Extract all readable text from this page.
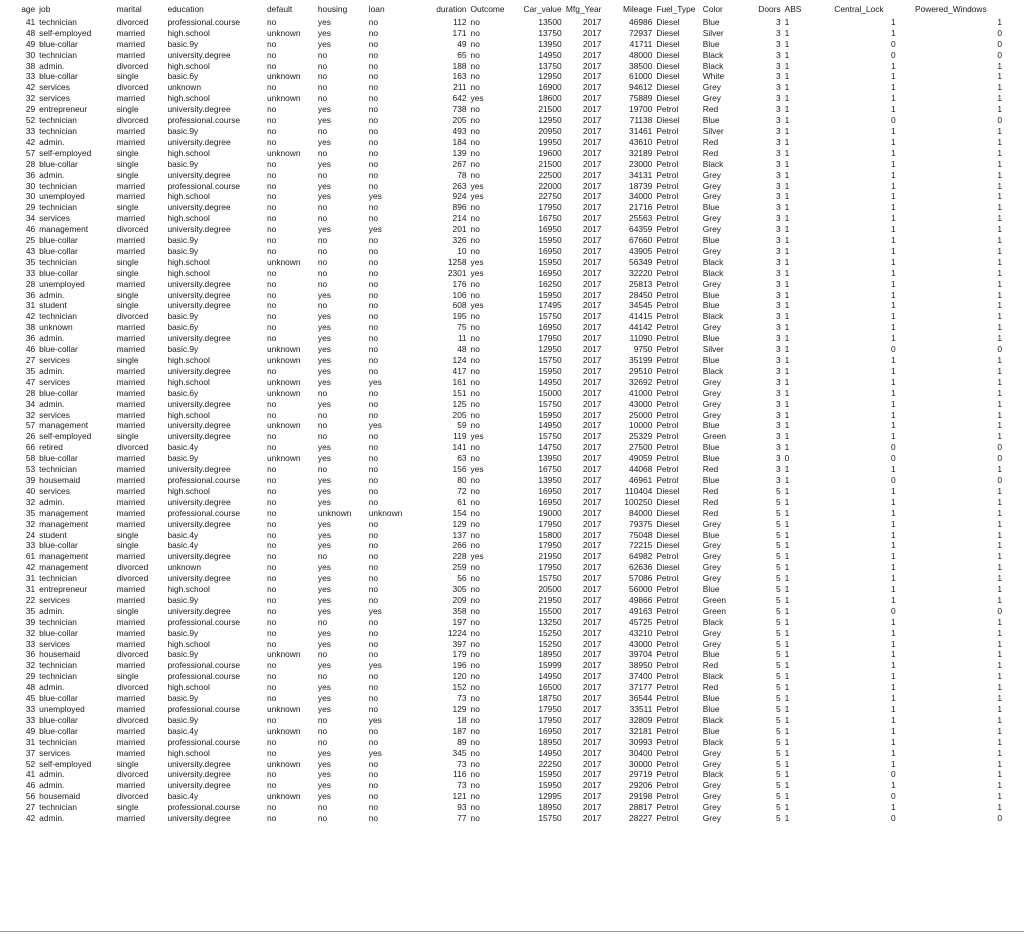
age	job	marital	education	default	housing	loan	duration	Outcome	Car_value	Mfg_Year	Mileage	Fuel_Type	Color	Doors	ABS	Central_Lock	Powered_Windows
41	technician	divorced	professional.course	no	yes	no	112	no	13500	2017	46986	Diesel	Blue	3	1	1	1
48	self-employed	married	high.school	unknown	yes	no	171	no	13750	2017	72937	Diesel	Silver	3	1	1	0
49	blue-collar	married	basic.9y	no	yes	no	49	no	13950	2017	41711	Diesel	Blue	3	1	0	0
30	technician	married	university.degree	no	no	no	65	no	14950	2017	48000	Diesel	Black	3	1	0	0
38	admin.	divorced	high.school	no	no	no	188	no	13750	2017	38500	Diesel	Black	3	1	1	1
33	blue-collar	single	basic.6y	unknown	no	no	163	no	12950	2017	61000	Diesel	White	3	1	1	1
42	services	divorced	unknown	no	no	no	211	no	16900	2017	94612	Diesel	Grey	3	1	1	1
32	services	married	high.school	unknown	no	no	642	yes	18600	2017	75889	Diesel	Grey	3	1	1	1
29	entrepreneur	single	university.degree	no	yes	no	738	no	21500	2017	19700	Petrol	Red	3	1	1	1
52	technician	divorced	professional.course	no	yes	no	205	no	12950	2017	71138	Diesel	Blue	3	1	0	0
33	technician	married	basic.9y	no	no	no	493	no	20950	2017	31461	Petrol	Silver	3	1	1	1
42	admin.	married	university.degree	no	yes	no	184	no	19950	2017	43610	Petrol	Red	3	1	1	1
57	self-employed	single	high.school	unknown	no	no	139	no	19600	2017	32189	Petrol	Red	3	1	1	1
28	blue-collar	single	basic.9y	no	yes	no	267	no	21500	2017	23000	Petrol	Black	3	1	1	1
36	admin.	single	university.degree	no	no	no	78	no	22500	2017	34131	Petrol	Grey	3	1	1	1
30	technician	married	professional.course	no	yes	no	263	yes	22000	2017	18739	Petrol	Grey	3	1	1	1
30	unemployed	married	high.school	no	yes	yes	924	yes	22750	2017	34000	Petrol	Grey	3	1	1	1
29	technician	single	university.degree	no	no	no	896	no	17950	2017	21716	Petrol	Blue	3	1	1	1
34	services	married	high.school	no	no	no	214	no	16750	2017	25563	Petrol	Grey	3	1	1	1
46	management	divorced	university.degree	no	yes	yes	201	no	16950	2017	64359	Petrol	Grey	3	1	1	1
25	blue-collar	married	basic.9y	no	no	no	326	no	15950	2017	67660	Petrol	Blue	3	1	1	1
43	blue-collar	married	basic.9y	no	no	no	10	no	16950	2017	43905	Petrol	Grey	3	1	1	1
35	technician	single	high.school	unknown	no	no	1258	yes	15950	2017	56349	Petrol	Black	3	1	1	1
33	blue-collar	single	high.school	no	no	no	2301	yes	16950	2017	32220	Petrol	Black	3	1	1	1
28	unemployed	married	university.degree	no	no	no	176	no	16250	2017	25813	Petrol	Grey	3	1	1	1
36	admin.	single	university.degree	no	yes	no	106	no	15950	2017	28450	Petrol	Blue	3	1	1	1
31	student	single	university.degree	no	no	no	608	yes	17495	2017	34545	Petrol	Blue	3	1	1	1
42	technician	divorced	basic.9y	no	yes	no	195	no	15750	2017	41415	Petrol	Black	3	1	1	1
38	unknown	married	basic.6y	no	yes	no	75	no	16950	2017	44142	Petrol	Grey	3	1	1	1
36	admin.	married	university.degree	no	yes	no	11	no	17950	2017	11090	Petrol	Blue	3	1	1	1
46	blue-collar	married	basic.9y	unknown	yes	no	48	no	12950	2017	9750	Petrol	Silver	3	1	0	0
27	services	single	high.school	unknown	yes	no	124	no	15750	2017	35199	Petrol	Blue	3	1	1	1
35	admin.	married	university.degree	no	yes	no	417	no	15950	2017	29510	Petrol	Black	3	1	1	1
47	services	married	high.school	unknown	yes	yes	161	no	14950	2017	32692	Petrol	Grey	3	1	1	1
28	blue-collar	married	basic.6y	unknown	no	no	151	no	15000	2017	41000	Petrol	Grey	3	1	1	1
34	admin.	married	university.degree	no	yes	no	125	no	15750	2017	43000	Petrol	Grey	3	1	1	1
32	services	married	high.school	no	no	no	205	no	15950	2017	25000	Petrol	Grey	3	1	1	1
57	management	married	university.degree	unknown	no	yes	59	no	14950	2017	10000	Petrol	Blue	3	1	1	1
26	self-employed	single	university.degree	no	no	no	119	yes	15750	2017	25329	Petrol	Green	3	1	1	1
66	retired	divorced	basic.4y	no	yes	no	141	no	14750	2017	27500	Petrol	Blue	3	1	0	0
58	blue-collar	married	basic.9y	unknown	yes	no	63	no	13950	2017	49059	Petrol	Blue	3	0	0	0
53	technician	married	university.degree	no	no	no	156	yes	16750	2017	44068	Petrol	Red	3	1	1	1
39	housemaid	married	professional.course	no	yes	no	80	no	13950	2017	46961	Petrol	Blue	3	1	0	0
40	services	married	high.school	no	yes	no	72	no	16950	2017	110404	Diesel	Red	5	1	1	1
32	admin.	married	university.degree	no	yes	no	61	no	16950	2017	100250	Diesel	Red	5	1	1	1
35	management	married	professional.course	no	unknown	unknown	154	no	19000	2017	84000	Diesel	Red	5	1	1	1
32	management	married	university.degree	no	yes	no	129	no	17950	2017	79375	Diesel	Grey	5	1	1	1
24	student	single	basic.4y	no	yes	no	137	no	15800	2017	75048	Diesel	Blue	5	1	1	1
33	blue-collar	single	basic.4y	no	yes	no	266	no	17950	2017	72215	Diesel	Grey	5	1	1	1
61	management	married	university.degree	no	no	no	228	yes	21950	2017	64982	Petrol	Grey	5	1	1	1
42	management	divorced	unknown	no	yes	no	259	no	17950	2017	62636	Diesel	Grey	5	1	1	1
31	technician	divorced	university.degree	no	yes	no	56	no	15750	2017	57086	Petrol	Grey	5	1	1	1
31	entrepreneur	married	high.school	no	yes	no	305	no	20500	2017	56000	Petrol	Blue	5	1	1	1
22	services	married	basic.9y	no	yes	no	209	no	21950	2017	49866	Petrol	Green	5	1	1	1
35	admin.	single	university.degree	no	yes	yes	358	no	15500	2017	49163	Petrol	Green	5	1	0	0
39	technician	married	professional.course	no	no	no	197	no	13250	2017	45725	Petrol	Black	5	1	1	1
32	blue-collar	married	basic.9y	no	yes	no	1224	no	15250	2017	43210	Petrol	Grey	5	1	1	1
33	services	married	high.school	no	yes	no	397	no	15250	2017	43000	Petrol	Grey	5	1	1	1
36	housemaid	divorced	basic.9y	unknown	no	no	179	no	18950	2017	39704	Petrol	Blue	5	1	1	1
32	technician	married	professional.course	no	yes	yes	196	no	15999	2017	38950	Petrol	Red	5	1	1	1
29	technician	single	professional.course	no	no	no	120	no	14950	2017	37400	Petrol	Black	5	1	1	1
48	admin.	divorced	high.school	no	yes	no	152	no	16500	2017	37177	Petrol	Red	5	1	1	1
45	blue-collar	married	basic.9y	no	yes	no	73	no	18750	2017	36544	Petrol	Blue	5	1	1	1
33	unemployed	married	professional.course	unknown	yes	no	129	no	17950	2017	33511	Petrol	Blue	5	1	1	1
33	blue-collar	divorced	basic.9y	no	no	yes	18	no	17950	2017	32809	Petrol	Black	5	1	1	1
49	blue-collar	married	basic.4y	unknown	no	no	187	no	16950	2017	32181	Petrol	Blue	5	1	1	1
31	technician	married	professional.course	no	no	no	89	no	18950	2017	30993	Petrol	Black	5	1	1	1
37	services	married	high.school	no	yes	yes	345	no	14950	2017	30400	Petrol	Grey	5	1	1	1
52	self-employed	single	university.degree	unknown	yes	no	73	no	22250	2017	30000	Petrol	Grey	5	1	1	1
41	admin.	divorced	university.degree	no	yes	no	116	no	15950	2017	29719	Petrol	Black	5	1	0	1
46	admin.	married	university.degree	no	yes	no	73	no	15950	2017	29206	Petrol	Grey	5	1	1	1
56	housemaid	divorced	basic.4y	unknown	yes	no	121	no	12995	2017	29198	Petrol	Grey	5	1	0	1
27	technician	single	professional.course	no	no	no	93	no	18950	2017	28817	Petrol	Grey	5	1	1	1
42	admin.	married	university.degree	no	no	no	77	no	15750	2017	28227	Petrol	Grey	5	1	0	0
